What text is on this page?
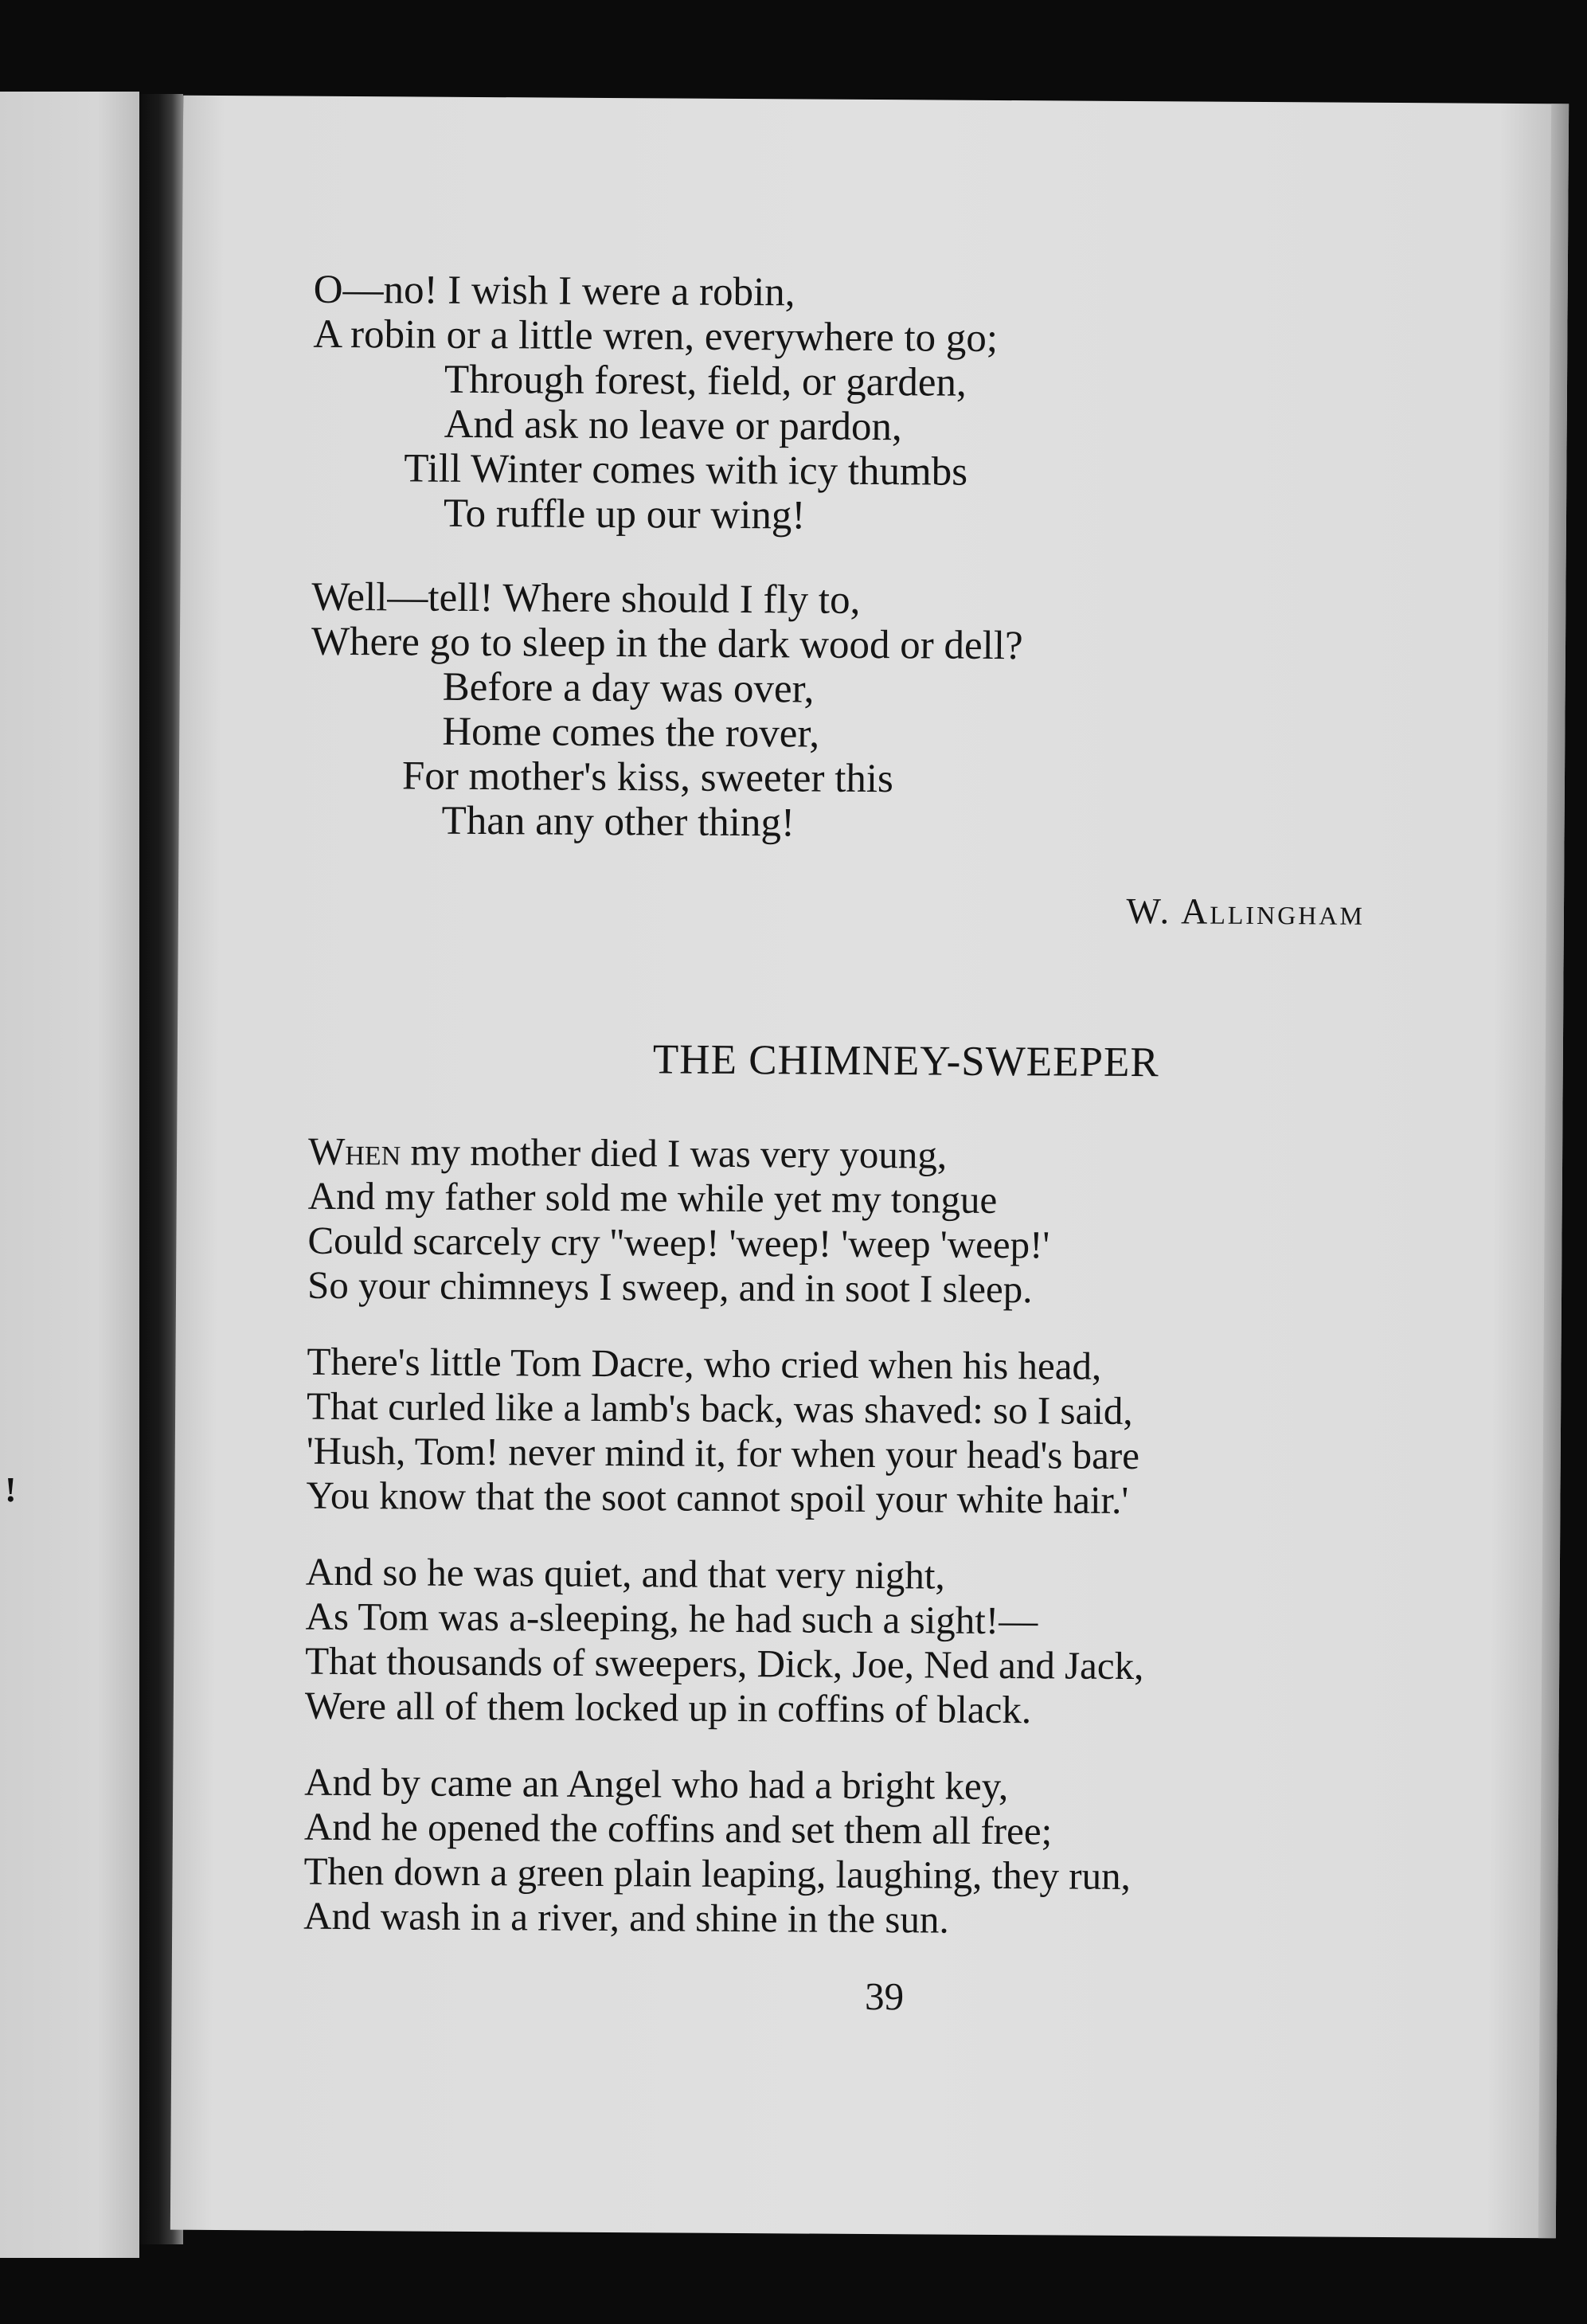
!
O—no! I wish I were a robin,
A robin or a little wren, everywhere to go;
Through forest, field, or garden,
And ask no leave or pardon,
Till Winter comes with icy thumbs
To ruffle up our wing!
Well—tell! Where should I fly to,
Where go to sleep in the dark wood or dell?
Before a day was over,
Home comes the rover,
For mother's kiss, sweeter this
Than any other thing!
W. Allingham
THE CHIMNEY-SWEEPER
When my mother died I was very young,
And my father sold me while yet my tongue
Could scarcely cry ''weep! 'weep! 'weep 'weep!'
So your chimneys I sweep, and in soot I sleep.
There's little Tom Dacre, who cried when his head,
That curled like a lamb's back, was shaved: so I said,
'Hush, Tom! never mind it, for when your head's bare
You know that the soot cannot spoil your white hair.'
And so he was quiet, and that very night,
As Tom was a-sleeping, he had such a sight!—
That thousands of sweepers, Dick, Joe, Ned and Jack,
Were all of them locked up in coffins of black.
And by came an Angel who had a bright key,
And he opened the coffins and set them all free;
Then down a green plain leaping, laughing, they run,
And wash in a river, and shine in the sun.
39
